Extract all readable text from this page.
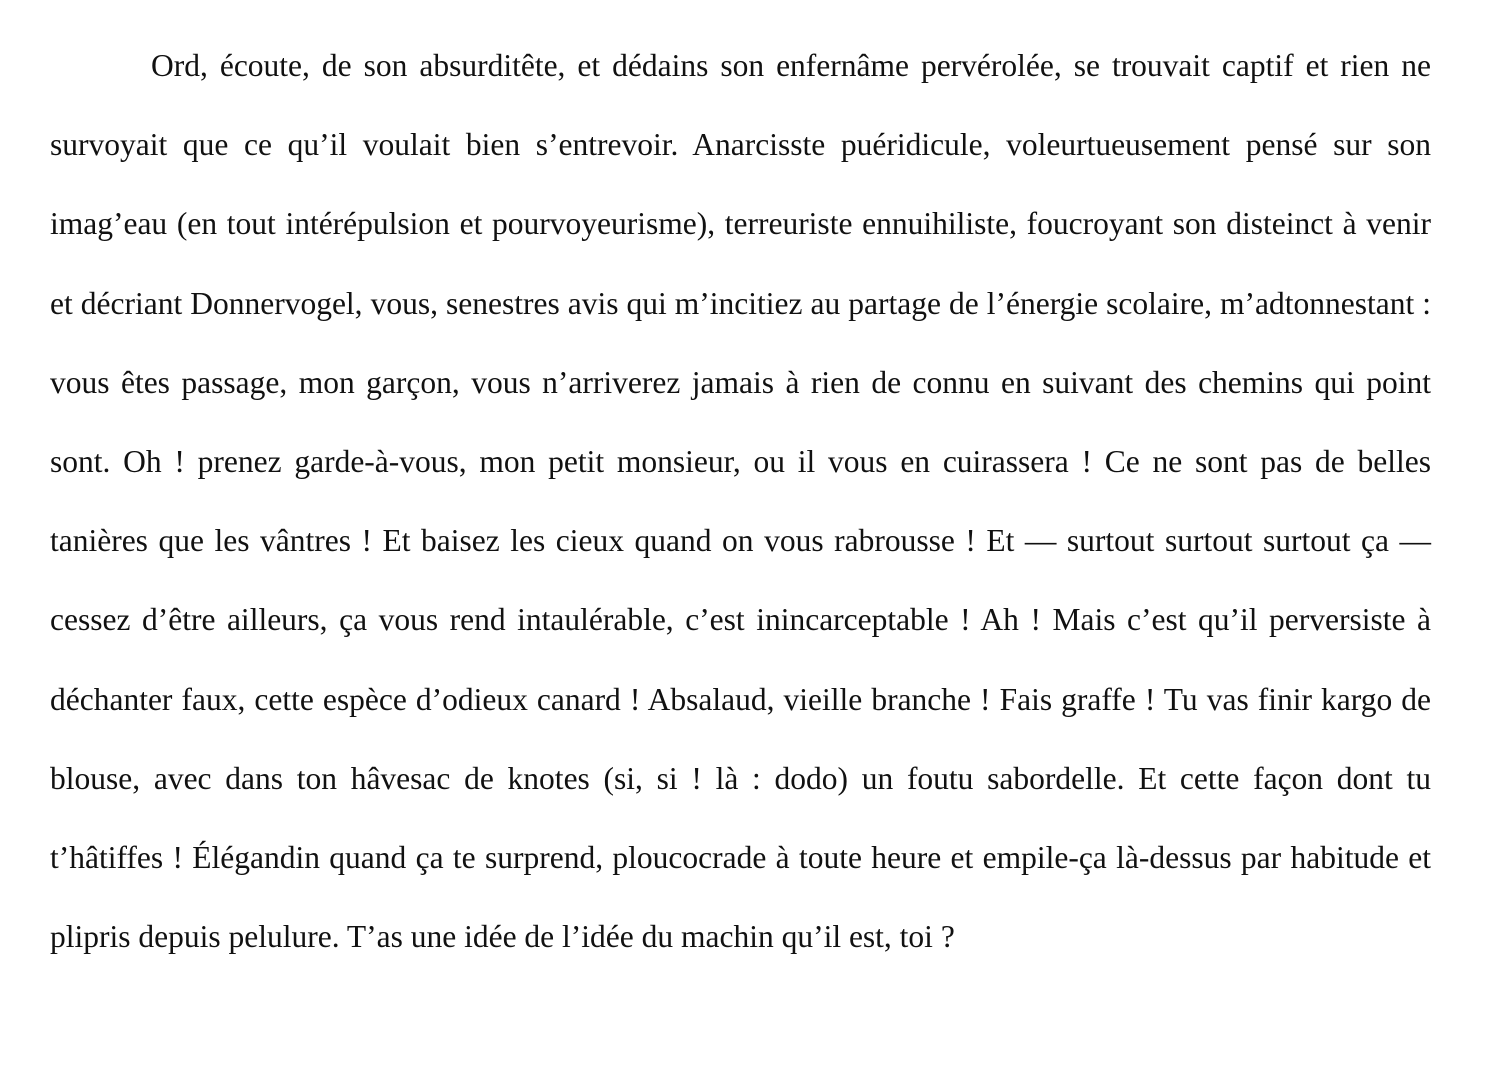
Ord, écoute, de son absurditête, et dédains son enfernâme pervérolée, se trouvait captif et rien ne survoyait que ce qu’il voulait bien s’entrevoir. Anarcisste puéridicule, voleurtueusement pensé sur son imag’eau (en tout intérépulsion et pourvoyeurisme), terreuriste ennuihiliste, foucroyant son disteinct à venir et décriant Donnervogel, vous, senestres avis qui m’incitiez au partage de l’énergie scolaire, m’adtonnestant : vous êtes passage, mon garçon, vous n’arriverez jamais à rien de connu en suivant des chemins qui point sont. Oh ! prenez garde-à-vous, mon petit monsieur, ou il vous en cuirassera ! Ce ne sont pas de belles tanières que les vântres ! Et baisez les cieux quand on vous rabrousse ! Et — surtout surtout surtout ça — cessez d’être ailleurs, ça vous rend intaulérable, c’est inincarceptable ! Ah ! Mais c’est qu’il perversiste à déchanter faux, cette espèce d’odieux canard ! Absalaud, vieille branche ! Fais graffe ! Tu vas finir kargo de blouse, avec dans ton hâvesac de knotes (si, si ! là : dodo) un foutu sabordelle. Et cette façon dont tu t’hâtiffes ! Élégandin quand ça te surprend, ploucocrade à toute heure et empile-ça là-dessus par habitude et plipris depuis pelulure. T’as une idée de l’idée du machin qu’il est, toi ?
